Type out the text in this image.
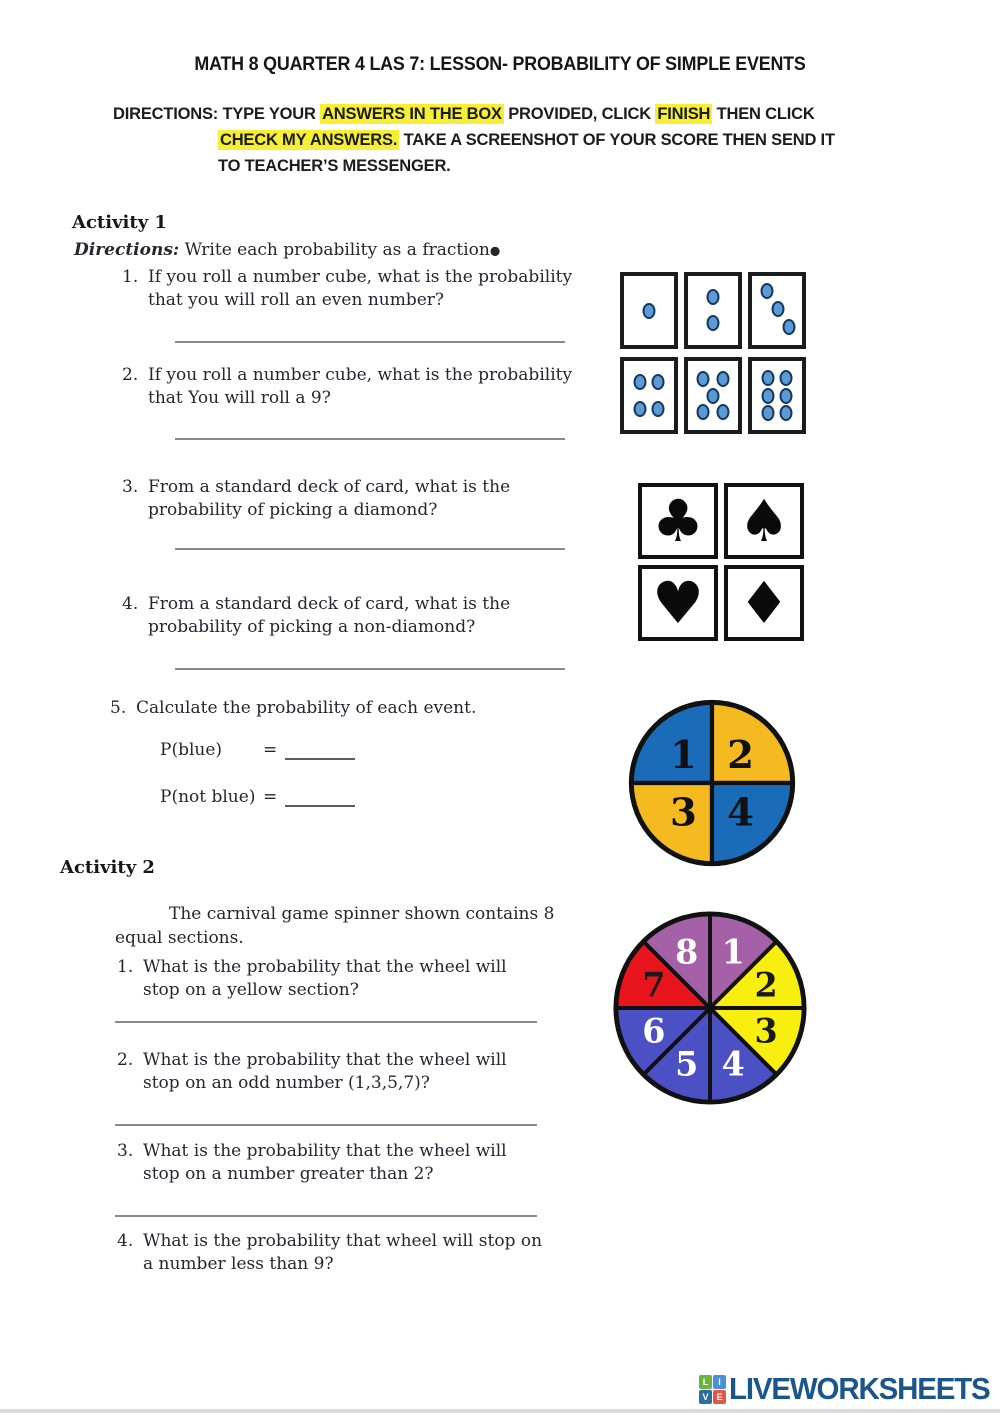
MATH 8 QUARTER 4 LAS 7: LESSON- PROBABILITY OF SIMPLE EVENTS
DIRECTIONS: TYPE YOUR ANSWERS IN THE BOX PROVIDED, CLICK FINISH THEN CLICK
CHECK MY ANSWERS. TAKE A SCREENSHOT OF YOUR SCORE THEN SEND IT
TO TEACHER’S MESSENGER.
Activity 1
Directions: Write each probability as a fraction●
1. If you roll a number cube, what is the probability that you will roll an even number?
2. If you roll a number cube, what is the probability that You will roll a 9?
3. From a standard deck of card, what is the probability of picking a diamond?
4. From a standard deck of card, what is the probability of picking a non-diamond?
5. Calculate the probability of each event.
P(blue)	=
P(not blue) =
♣ ♠
♥ ♦
1 2
3 4
Activity 2
The carnival game spinner shown contains 8 equal sections.
1. What is the probability that the wheel will stop on a yellow section?
2. What is the probability that the wheel will stop on an odd number (1,3,5,7)?
3. What is the probability that the wheel will stop on a number greater than 2?
4. What is the probability that wheel will stop on a number less than 9?
1
2
3
4
5
6
7
8
L	I
V E LIVEWORKSHEETS
